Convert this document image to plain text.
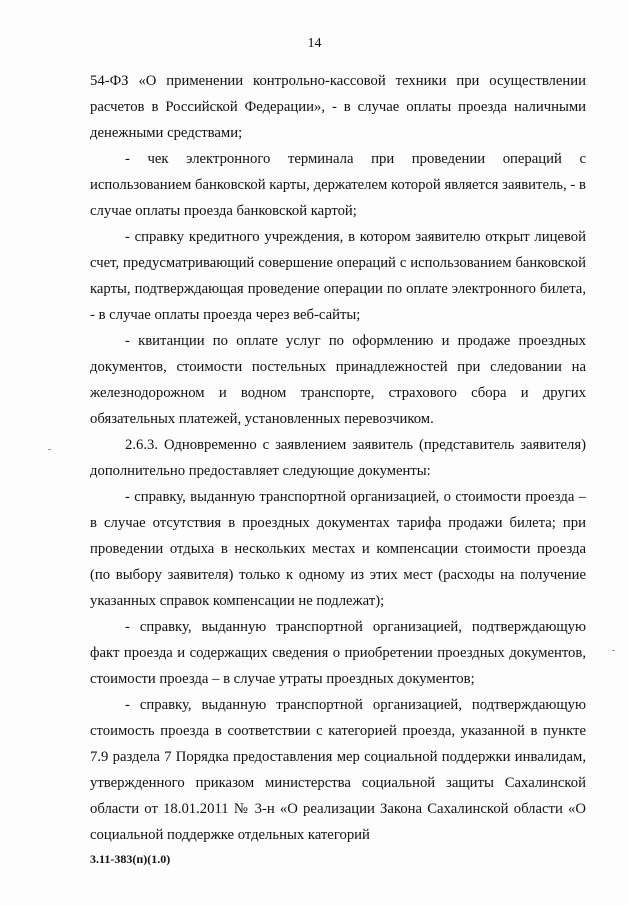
14

54-ФЗ «О применении контрольно-кассовой техники при осуществлении расчетов в Российской Федерации», - в случае оплаты проезда наличными денежными средствами;

- чек электронного терминала при проведении операций с использованием банковской карты, держателем которой является заявитель, - в случае оплаты проезда банковской картой;

- справку кредитного учреждения, в котором заявителю открыт лицевой счет, предусматривающий совершение операций с использованием банковской карты, подтверждающая проведение операции по оплате электронного билета, - в случае оплаты проезда через веб-сайты;

- квитанции по оплате услуг по оформлению и продаже проездных документов, стоимости постельных принадлежностей при следовании на железнодорожном и водном транспорте, страхового сбора и других обязательных платежей, установленных перевозчиком.

2.6.3. Одновременно с заявлением заявитель (представитель заявителя) дополнительно предоставляет следующие документы:

- справку, выданную транспортной организацией, о стоимости проезда – в случае отсутствия в проездных документах тарифа продажи билета; при проведении отдыха в нескольких местах и компенсации стоимости проезда (по выбору заявителя) только к одному из этих мест (расходы на получение указанных справок компенсации не подлежат);

- справку, выданную транспортной организацией, подтверждающую факт проезда и содержащих сведения о приобретении проездных документов, стоимости проезда – в случае утраты проездных документов;

- справку, выданную транспортной организацией, подтверждающую стоимость проезда в соответствии с категорией проезда, указанной в пункте 7.9 раздела 7 Порядка предоставления мер социальной поддержки инвалидам, утвержденного приказом министерства социальной защиты Сахалинской области от 18.01.2011 № 3-н «О реализации Закона Сахалинской области «О социальной поддержке отдельных категорий

3.11-383(п)(1.0)
